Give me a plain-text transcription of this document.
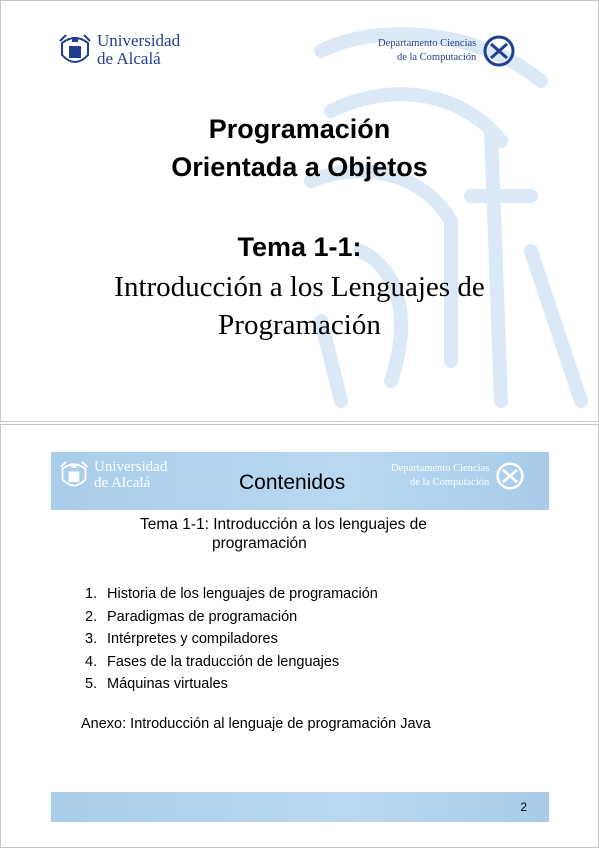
Universidad
de Alcalá
Departamento Ciencias
de la Computación
Programación
Orientada a Objetos
Tema 1-1:
Introducción a los Lenguajes de
Programación
Universidad
de Alcalá	Contenidos
Departamento Ciencias
de la Computación
Tema 1-1: Introducción a los lenguajes de
programación
1. Historia de los lenguajes de programación
2. Paradigmas de programación
3. Intérpretes y compiladores
4. Fases de la traducción de lenguajes
5. Máquinas virtuales
Anexo: Introducción al lenguaje de programación Java
2
